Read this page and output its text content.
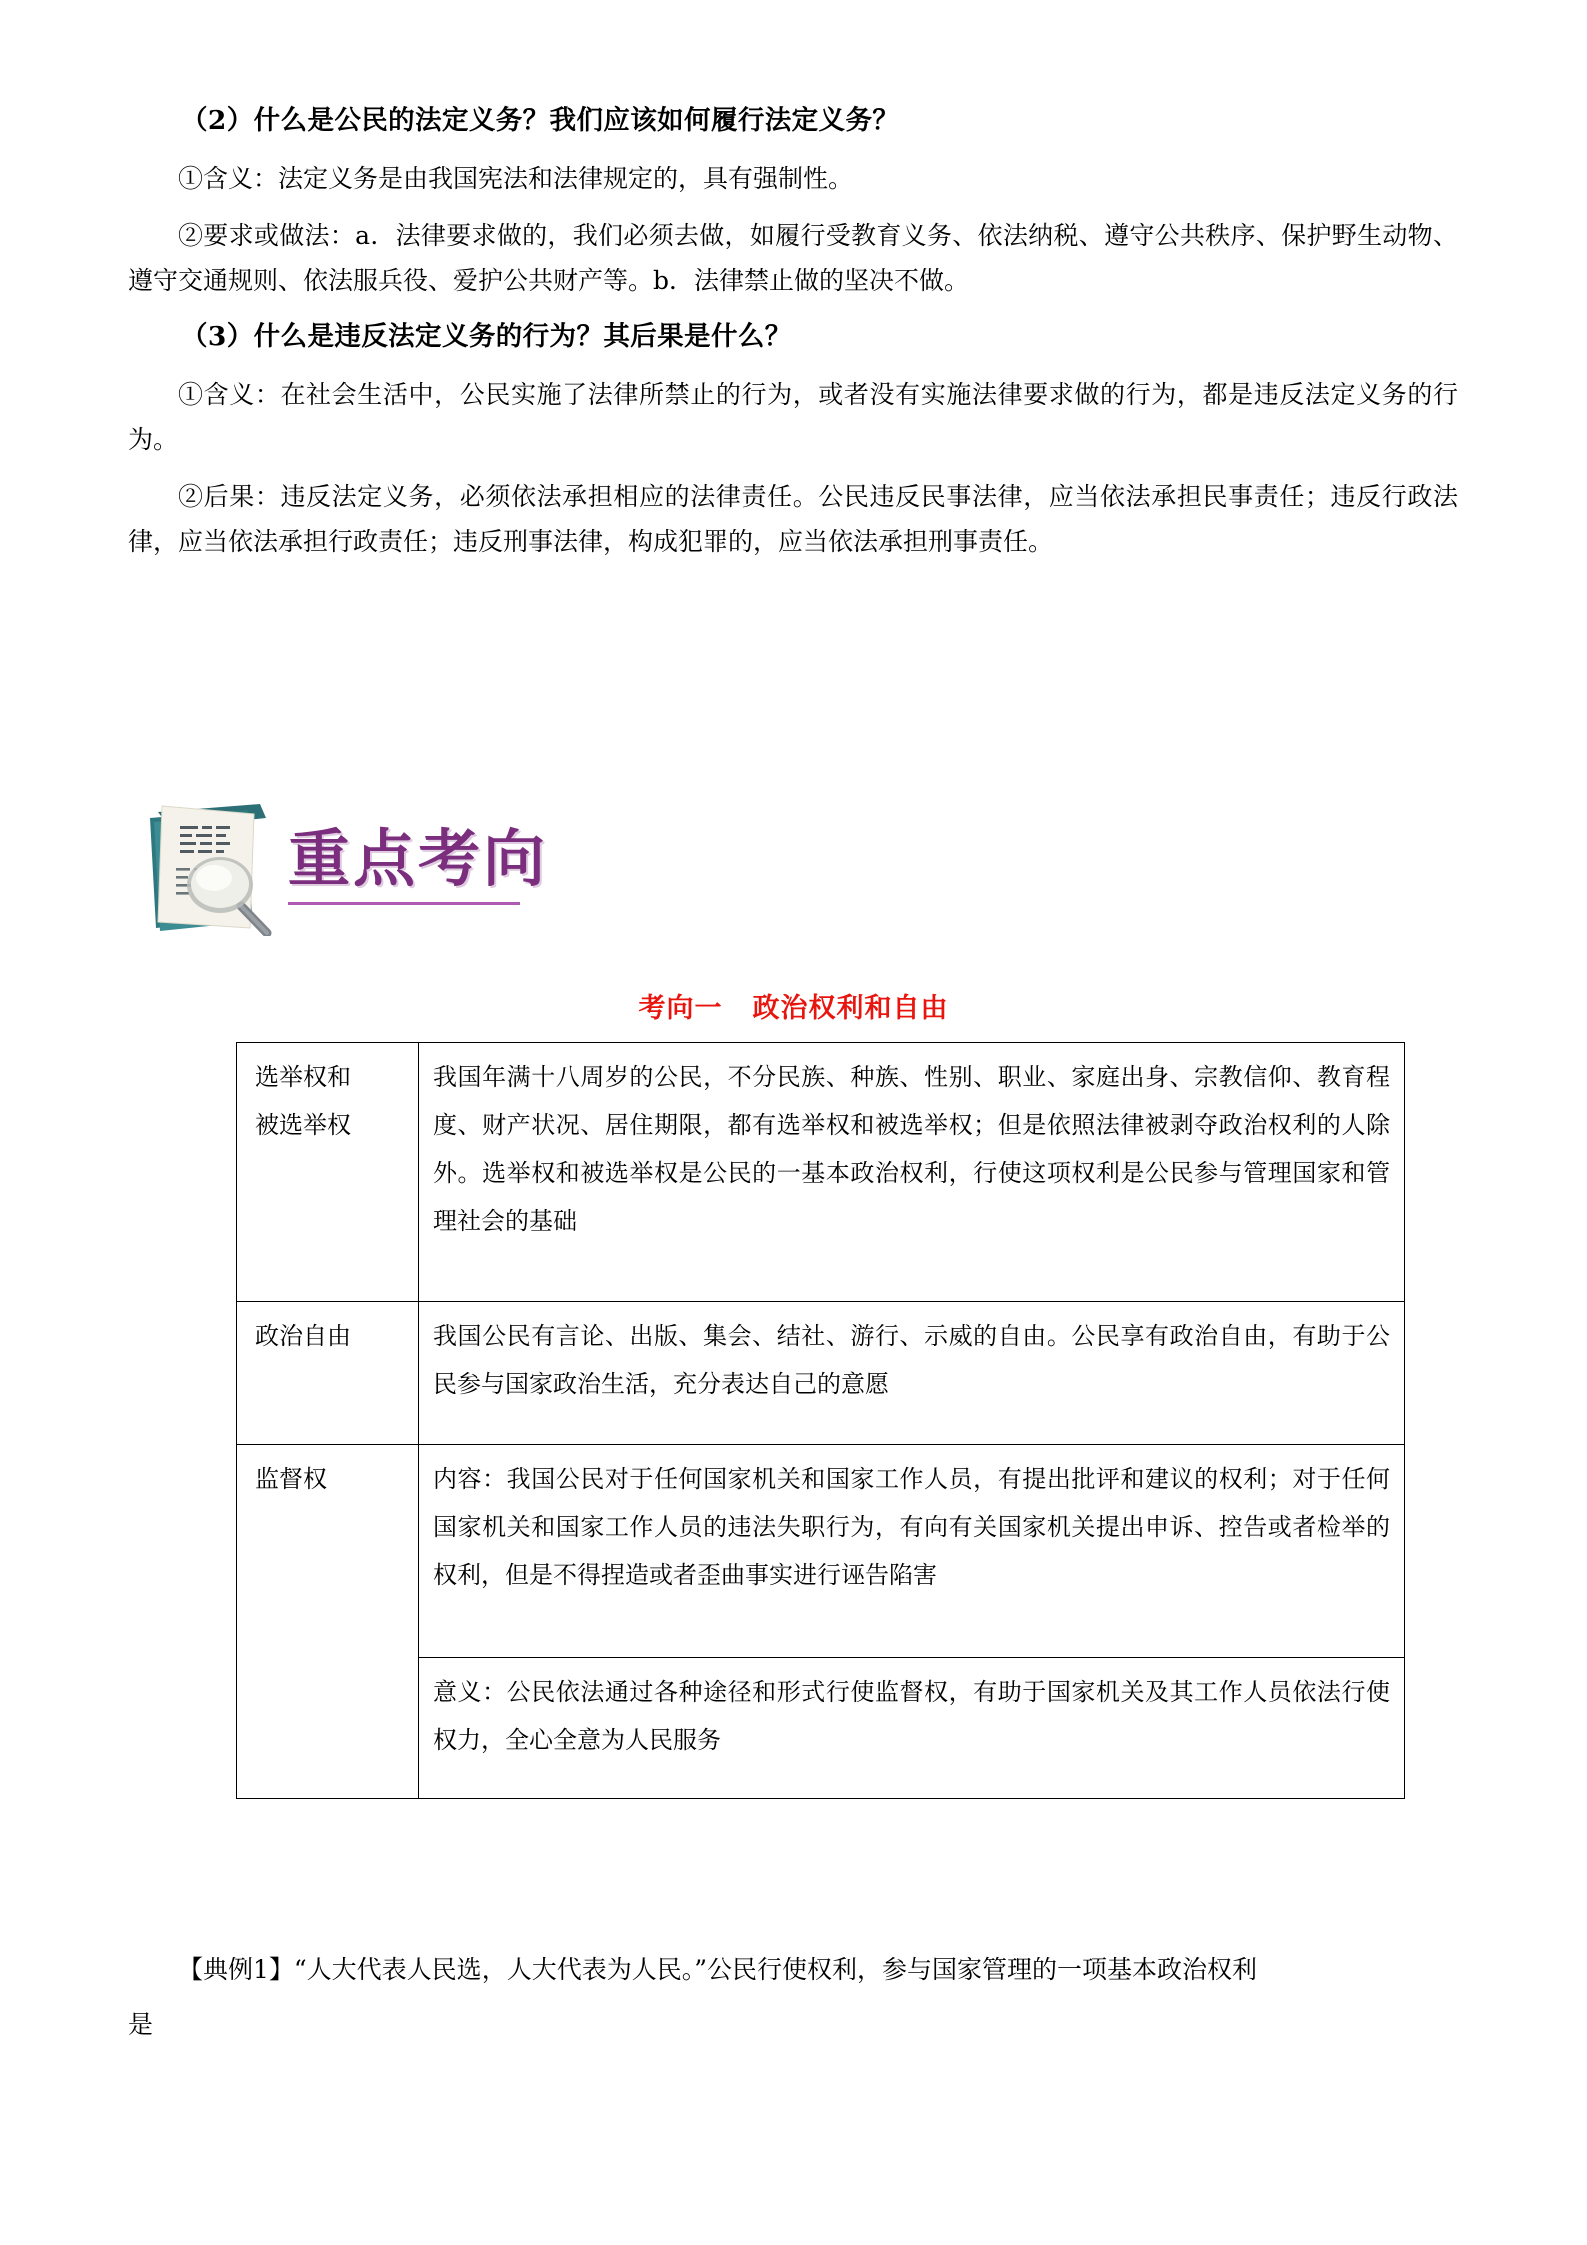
（2）什么是公民的法定义务？我们应该如何履行法定义务？

①含义：法定义务是由我国宪法和法律规定的，具有强制性。

②要求或做法：a．法律要求做的，我们必须去做，如履行受教育义务、依法纳税、遵守公共秩序、保护野生动物、遵守交通规则、依法服兵役、爱护公共财产等。b．法律禁止做的坚决不做。

（3）什么是违反法定义务的行为？其后果是什么？

①含义：在社会生活中，公民实施了法律所禁止的行为，或者没有实施法律要求做的行为，都是违反法定义务的行为。

②后果：违反法定义务，必须依法承担相应的法律责任。公民违反民事法律，应当依法承担民事责任；违反行政法律，应当依法承担行政责任；违反刑事法律，构成犯罪的，应当依法承担刑事责任。

重点考向
考向一 政治权利和自由
选举权和
被选举权	我国年满十八周岁的公民，不分民族、种族、性别、职业、家庭出身、宗教信仰、教育程度、财产状况、居住期限，都有选举权和被选举权；但是依照法律被剥夺政治权利的人除外。选举权和被选举权是公民的一基本政治权利，行使这项权利是公民参与管理国家和管理社会的基础

政治自由	我国公民有言论、出版、集会、结社、游行、示威的自由。公民享有政治自由，有助于公民参与国家政治生活，充分表达自己的意愿

监督权	内容：我国公民对于任何国家机关和国家工作人员，有提出批评和建议的权利；对于任何国家机关和国家工作人员的违法失职行为，有向有关国家机关提出申诉、控告或者检举的权利，但是不得捏造或者歪曲事实进行诬告陷害
	意义：公民依法通过各种途径和形式行使监督权，有助于国家机关及其工作人员依法行使权力，全心全意为人民服务
【典例1】“人大代表人民选，人大代表为人民。”公民行使权利，参与国家管理的一项基本政治权利
是
